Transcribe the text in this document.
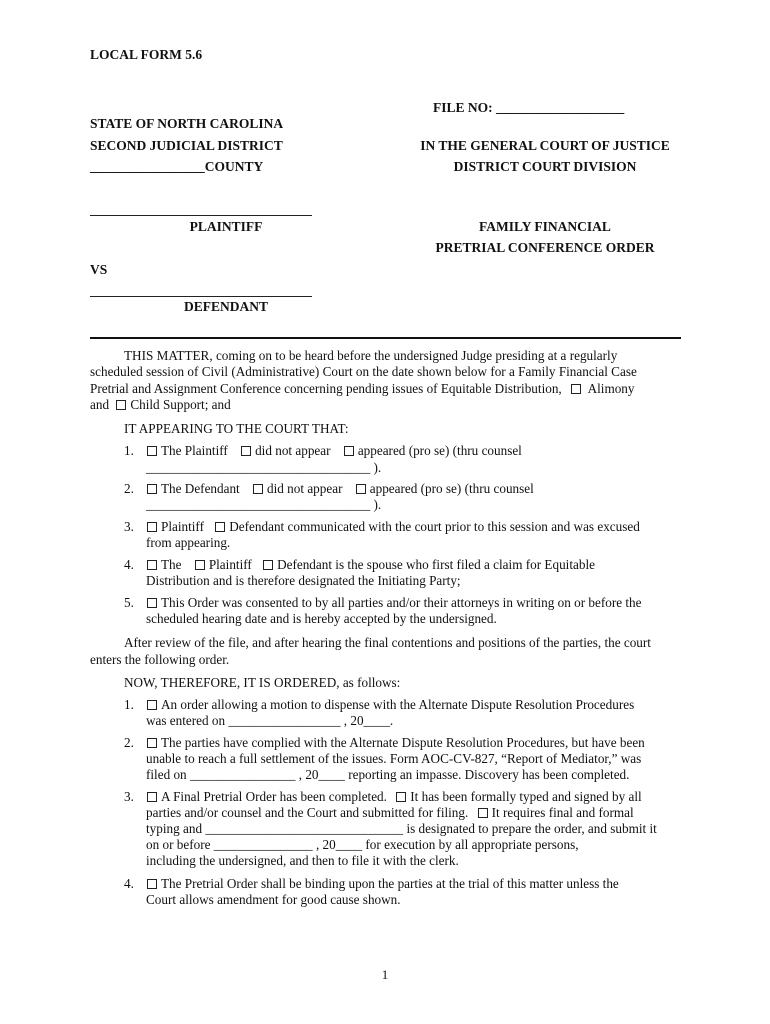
LOCAL FORM 5.6
FILE NO: ___________________
STATE OF NORTH CAROLINA
SECOND JUDICIAL DISTRICT
_________________COUNTY
IN THE GENERAL COURT OF JUSTICE
DISTRICT COURT DIVISION
PLAINTIFF	FAMILY FINANCIAL
PRETRIAL CONFERENCE ORDER
VS
DEFENDANT
THIS MATTER, coming on to be heard before the undersigned Judge presiding at a regularly
scheduled session of Civil (Administrative) Court on the date shown below for a Family Financial Case
Pretrial and Assignment Conference concerning pending issues of Equitable Distribution, Alimony
and Child Support; and
IT APPEARING TO THE COURT THAT:
1.	The Plaintiff did not appear appeared (pro se) (thru counsel
__________________________________ ).
2.	The Defendant did not appear appeared (pro se) (thru counsel
__________________________________ ).
3.	Plaintiff Defendant communicated with the court prior to this session and was excused
from appearing.
4.	The Plaintiff Defendant is the spouse who first filed a claim for Equitable
Distribution and is therefore designated the Initiating Party;
5.	This Order was consented to by all parties and/or their attorneys in writing on or before the
scheduled hearing date and is hereby accepted by the undersigned.
After review of the file, and after hearing the final contentions and positions of the parties, the court
enters the following order.
NOW, THEREFORE, IT IS ORDERED, as follows:
1.	An order allowing a motion to dispense with the Alternate Dispute Resolution Procedures
was entered on _________________ , 20____.
2.	The parties have complied with the Alternate Dispute Resolution Procedures, but have been
unable to reach a full settlement of the issues. Form AOC-CV-827, “Report of Mediator,” was
filed on ________________ , 20____ reporting an impasse. Discovery has been completed.
3.	A Final Pretrial Order has been completed. It has been formally typed and signed by all
parties and/or counsel and the Court and submitted for filing. It requires final and formal
typing and ______________________________ is designated to prepare the order, and submit it
on or before _______________ , 20____ for execution by all appropriate persons,
including the undersigned, and then to file it with the clerk.
4.	The Pretrial Order shall be binding upon the parties at the trial of this matter unless the
Court allows amendment for good cause shown.
1
